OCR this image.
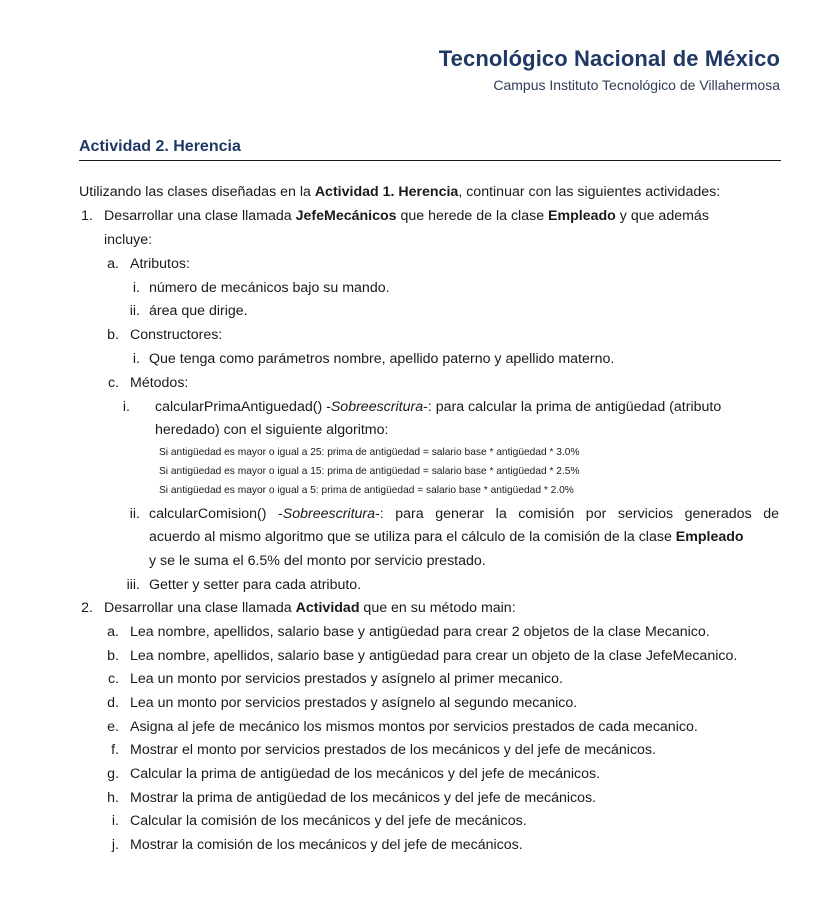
Tecnológico Nacional de México
Campus Instituto Tecnológico de Villahermosa
Actividad 2. Herencia
Utilizando las clases diseñadas en la Actividad 1. Herencia, continuar con las siguientes actividades:
1. Desarrollar una clase llamada JefeMecánicos que herede de la clase Empleado y que además
incluye:
a. Atributos:
i. número de mecánicos bajo su mando.
ii. área que dirige.
b. Constructores:
i. Que tenga como parámetros nombre, apellido paterno y apellido materno.
c. Métodos:
i. calcularPrimaAntiguedad() -Sobreescritura-: para calcular la prima de antigüedad (atributo
heredado) con el siguiente algoritmo:
Si antigüedad es mayor o igual a 25: prima de antigüedad = salario base * antigüedad * 3.0%
Si antigüedad es mayor o igual a 15: prima de antigüedad = salario base * antigüedad * 2.5%
Si antigüedad es mayor o igual a 5: prima de antigüedad = salario base * antigüedad * 2.0%
ii. calcularComision() -Sobreescritura-: para generar la comisión por servicios generados de
acuerdo al mismo algoritmo que se utiliza para el cálculo de la comisión de la clase Empleado
y se le suma el 6.5% del monto por servicio prestado.
iii. Getter y setter para cada atributo.
2. Desarrollar una clase llamada Actividad que en su método main:
a. Lea nombre, apellidos, salario base y antigüedad para crear 2 objetos de la clase Mecanico.
b. Lea nombre, apellidos, salario base y antigüedad para crear un objeto de la clase JefeMecanico.
c. Lea un monto por servicios prestados y asígnelo al primer mecanico.
d. Lea un monto por servicios prestados y asígnelo al segundo mecanico.
e. Asigna al jefe de mecánico los mismos montos por servicios prestados de cada mecanico.
f. Mostrar el monto por servicios prestados de los mecánicos y del jefe de mecánicos.
g. Calcular la prima de antigüedad de los mecánicos y del jefe de mecánicos.
h. Mostrar la prima de antigüedad de los mecánicos y del jefe de mecánicos.
i. Calcular la comisión de los mecánicos y del jefe de mecánicos.
j. Mostrar la comisión de los mecánicos y del jefe de mecánicos.
